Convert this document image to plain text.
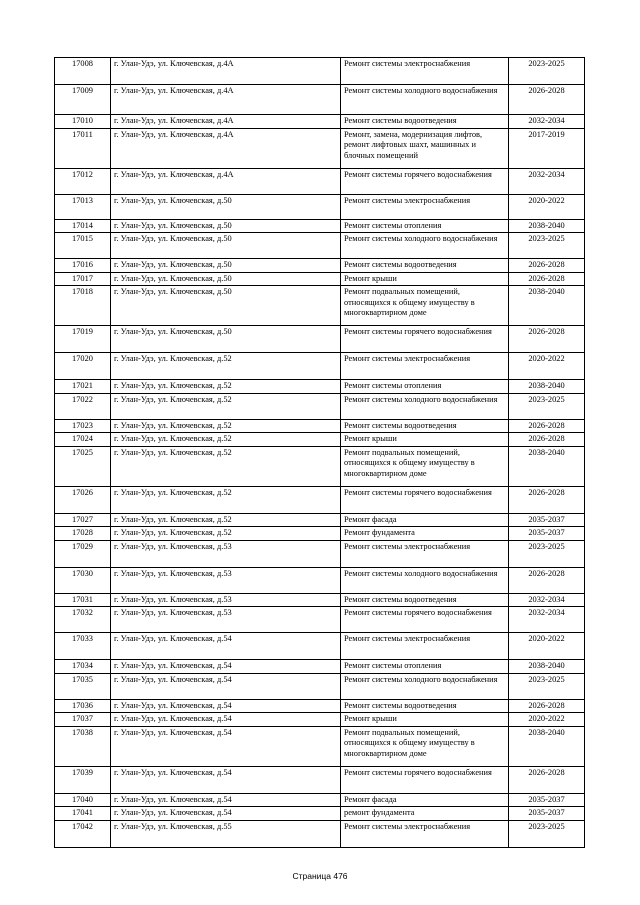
17008	г. Улан-Удэ, ул. Ключевская, д.4А	Ремонт системы электроснабжения	2023-2025
17009	г. Улан-Удэ, ул. Ключевская, д.4А	Ремонт системы холодного водоснабжения	2026-2028
17010	г. Улан-Удэ, ул. Ключевская, д.4А	Ремонт системы водоотведения	2032-2034
17011	г. Улан-Удэ, ул. Ключевская, д.4А	Ремонт, замена, модернизация лифтов, ремонт лифтовых шахт, машинных и блочных помещений	2017-2019
17012	г. Улан-Удэ, ул. Ключевская, д.4А	Ремонт системы горячего водоснабжения	2032-2034
17013	г. Улан-Удэ, ул. Ключевская, д.50	Ремонт системы электроснабжения	2020-2022
17014	г. Улан-Удэ, ул. Ключевская, д.50	Ремонт системы отопления	2038-2040
17015	г. Улан-Удэ, ул. Ключевская, д.50	Ремонт системы холодного водоснабжения	2023-2025
17016	г. Улан-Удэ, ул. Ключевская, д.50	Ремонт системы водоотведения	2026-2028
17017	г. Улан-Удэ, ул. Ключевская, д.50	Ремонт крыши	2026-2028
17018	г. Улан-Удэ, ул. Ключевская, д.50	Ремонт подвальных помещений, относящихся к общему имуществу в многоквартирном доме	2038-2040
17019	г. Улан-Удэ, ул. Ключевская, д.50	Ремонт системы горячего водоснабжения	2026-2028
17020	г. Улан-Удэ, ул. Ключевская, д.52	Ремонт системы электроснабжения	2020-2022
17021	г. Улан-Удэ, ул. Ключевская, д.52	Ремонт системы отопления	2038-2040
17022	г. Улан-Удэ, ул. Ключевская, д.52	Ремонт системы холодного водоснабжения	2023-2025
17023	г. Улан-Удэ, ул. Ключевская, д.52	Ремонт системы водоотведения	2026-2028
17024	г. Улан-Удэ, ул. Ключевская, д.52	Ремонт крыши	2026-2028
17025	г. Улан-Удэ, ул. Ключевская, д.52	Ремонт подвальных помещений, относящихся к общему имуществу в многоквартирном доме	2038-2040
17026	г. Улан-Удэ, ул. Ключевская, д.52	Ремонт системы горячего водоснабжения	2026-2028
17027	г. Улан-Удэ, ул. Ключевская, д.52	Ремонт фасада	2035-2037
17028	г. Улан-Удэ, ул. Ключевская, д.52	Ремонт фундамента	2035-2037
17029	г. Улан-Удэ, ул. Ключевская, д.53	Ремонт системы электроснабжения	2023-2025
17030	г. Улан-Удэ, ул. Ключевская, д.53	Ремонт системы холодного водоснабжения	2026-2028
17031	г. Улан-Удэ, ул. Ключевская, д.53	Ремонт системы водоотведения	2032-2034
17032	г. Улан-Удэ, ул. Ключевская, д.53	Ремонт системы горячего водоснабжения	2032-2034
17033	г. Улан-Удэ, ул. Ключевская, д.54	Ремонт системы электроснабжения	2020-2022
17034	г. Улан-Удэ, ул. Ключевская, д.54	Ремонт системы отопления	2038-2040
17035	г. Улан-Удэ, ул. Ключевская, д.54	Ремонт системы холодного водоснабжения	2023-2025
17036	г. Улан-Удэ, ул. Ключевская, д.54	Ремонт системы водоотведения	2026-2028
17037	г. Улан-Удэ, ул. Ключевская, д.54	Ремонт крыши	2020-2022
17038	г. Улан-Удэ, ул. Ключевская, д.54	Ремонт подвальных помещений, относящихся к общему имуществу в многоквартирном доме	2038-2040
17039	г. Улан-Удэ, ул. Ключевская, д.54	Ремонт системы горячего водоснабжения	2026-2028
17040	г. Улан-Удэ, ул. Ключевская, д.54	Ремонт фасада	2035-2037
17041	г. Улан-Удэ, ул. Ключевская, д.54	ремонт фундамента	2035-2037
17042	г. Улан-Удэ, ул. Ключевская, д.55	Ремонт системы электроснабжения	2023-2025
Страница 476
